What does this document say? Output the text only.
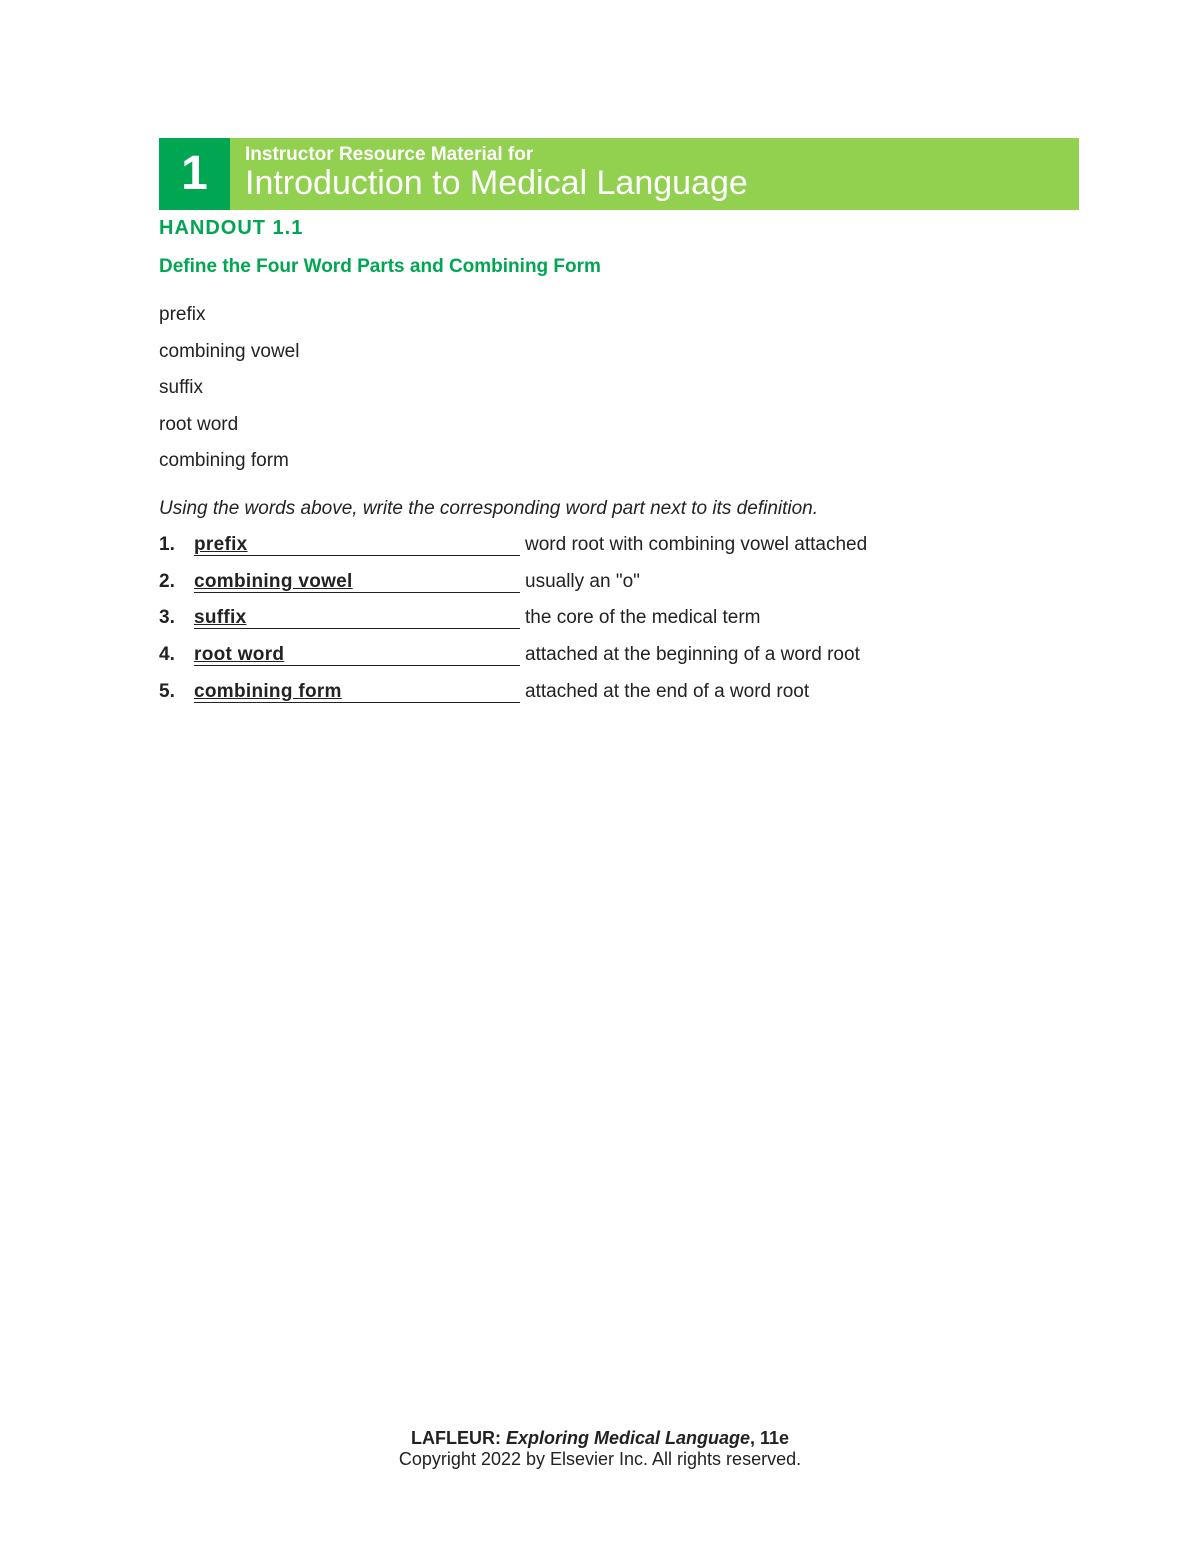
1	Instructor Resource Material for
Introduction to Medical Language
HANDOUT 1.1
Define the Four Word Parts and Combining Form
prefix
combining vowel
suffix
root word
combining form
Using the words above, write the corresponding word part next to its definition.
1.	prefix	word root with combining vowel attached
2.	combining vowel	usually an "o"
3.	suffix	the core of the medical term
4.	root word	attached at the beginning of a word root
5.	combining form	attached at the end of a word root
LAFLEUR: Exploring Medical Language, 11e
Copyright 2022 by Elsevier Inc. All rights reserved.
